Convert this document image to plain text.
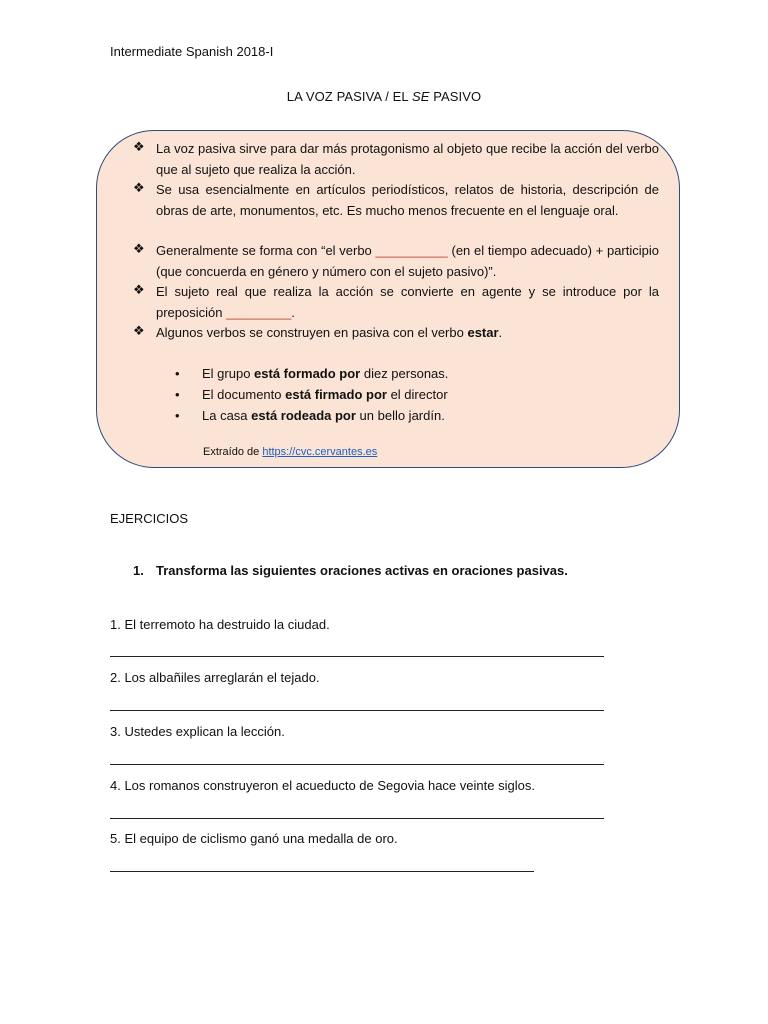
Intermediate Spanish 2018-I
LA VOZ PASIVA / EL SE PASIVO
❖ La voz pasiva sirve para dar más protagonismo al objeto que recibe la acción del verbo que al sujeto que realiza la acción.
❖ Se usa esencialmente en artículos periodísticos, relatos de historia, descripción de obras de arte, monumentos, etc. Es mucho menos frecuente en el lenguaje oral.
❖ Generalmente se forma con “el verbo __________ (en el tiempo adecuado) + participio (que concuerda en género y número con el sujeto pasivo)”.
❖ El sujeto real que realiza la acción se convierte en agente y se introduce por la preposición _________.
❖ Algunos verbos se construyen en pasiva con el verbo estar.
• El grupo está formado por diez personas.
• El documento está firmado por el director
• La casa está rodeada por un bello jardín.
Extraído de https://cvc.cervantes.es
EJERCICIOS
1. Transforma las siguientes oraciones activas en oraciones pasivas.
1. El terremoto ha destruido la ciudad.
2. Los albañiles arreglarán el tejado.
3. Ustedes explican la lección.
4. Los romanos construyeron el acueducto de Segovia hace veinte siglos.
5. El equipo de ciclismo ganó una medalla de oro.
